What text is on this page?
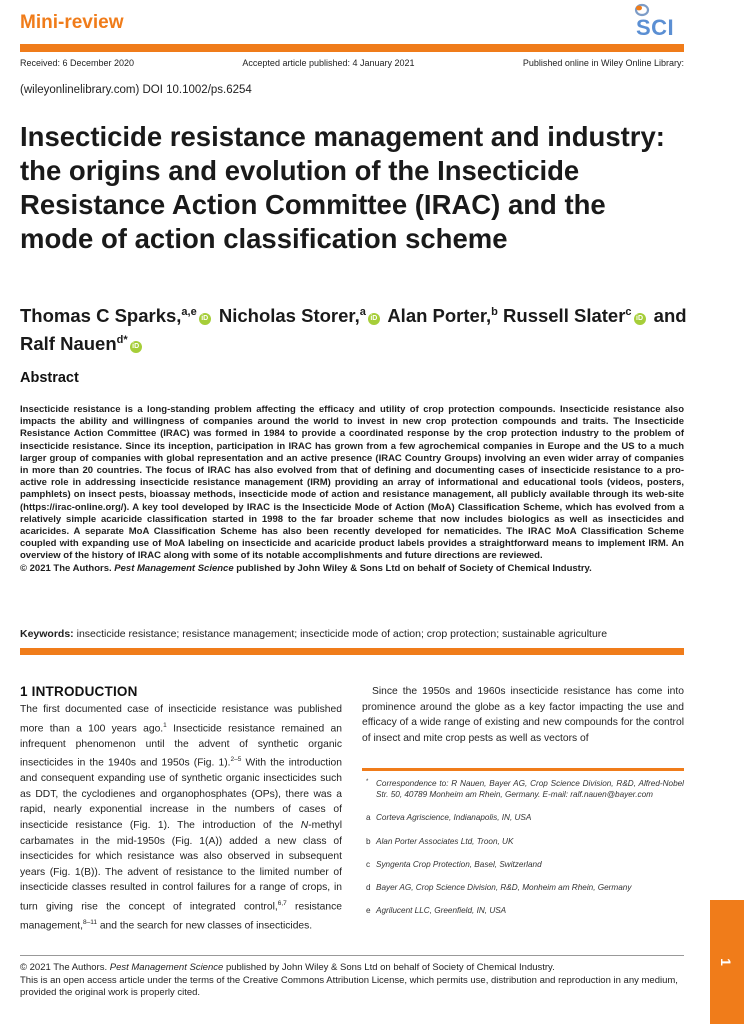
Mini-review	SCI
Received: 6 December 2020	Accepted article published: 4 January 2021	Published online in Wiley Online Library:
(wileyonlinelibrary.com) DOI 10.1002/ps.6254
Insecticide resistance management and industry: the origins and evolution of the Insecticide Resistance Action Committee (IRAC) and the mode of action classification scheme
Thomas C Sparks,$^{a,e}$iD Nicholas Storer,$^a$iD Alan Porter,$^b$ Russell Slater$^c$iD and
Ralf Nauen$^{d*}$iD
Abstract
Insecticide resistance is a long-standing problem affecting the efficacy and utility of crop protection compounds. Insecticide resistance also impacts the ability and willingness of companies around the world to invest in new crop protection compounds and traits. The Insecticide Resistance Action Committee (IRAC) was formed in 1984 to provide a coordinated response by the crop protection industry to the problem of insecticide resistance. Since its inception, participation in IRAC has grown from a few agrochemical companies in Europe and the US to a much larger group of companies with global representation and an active presence (IRAC Country Groups) involving an even wider array of companies in more than 20 countries. The focus of IRAC has also evolved from that of defining and documenting cases of insecticide resistance to a pro-active role in addressing insecticide resistance management (IRM) providing an array of informational and educational tools (videos, posters, pamphlets) on insect pests, bioassay methods, insecticide mode of action and resistance management, all publicly available through its web-site (https://irac-online.org/). A key tool developed by IRAC is the Insecticide Mode of Action (MoA) Classification Scheme, which has evolved from a relatively simple acaricide classification started in 1998 to the far broader scheme that now includes biologics as well as insecticides and acaricides. A separate MoA Classification Scheme has also been recently developed for nematicides. The IRAC MoA Classification Scheme coupled with expanding use of MoA labeling on insecticide and acaricide product labels provides a straightforward means to implement IRM. An overview of the history of IRAC along with some of its notable accomplishments and future directions are reviewed.
© 2021 The Authors. Pest Management Science published by John Wiley & Sons Ltd on behalf of Society of Chemical Industry.
Keywords: insecticide resistance; resistance management; insecticide mode of action; crop protection; sustainable agriculture
1 INTRODUCTION

The first documented case of insecticide resistance was published more than a 100 years ago.$^1$ Insecticide resistance remained an infrequent phenomenon until the advent of synthetic organic insecticides in the 1940s and 1950s (Fig. 1).$^{2-5}$ With the introduction and consequent expanding use of synthetic organic insecticides such as DDT, the cyclodienes and organophosphates (OPs), there was a rapid, nearly exponential increase in the numbers of cases of insecticide resistance (Fig. 1). The introduction of the N-methyl carbamates in the mid-1950s (Fig. 1(A)) added a new class of insecticides for which resistance was also observed in subsequent years (Fig. 1(B)). The advent of resistance to the limited number of insecticide classes resulted in control failures for a range of crops, in turn giving rise the concept of integrated control,$^{6,7}$ resistance management,$^{8-11}$ and the search for new classes of insecticides.

Since the 1950s and 1960s insecticide resistance has come into prominence around the globe as a key factor impacting the use and efficacy of a wide range of existing and new compounds for the control of insect and mite crop pests as well as vectors of

* Correspondence to: R Nauen, Bayer AG, Crop Science Division, R&D, Alfred-Nobel Str. 50, 40789 Monheim am Rhein, Germany. E-mail: ralf.nauen@bayer.com
a Corteva Agriscience, Indianapolis, IN, USA
b Alan Porter Associates Ltd, Troon, UK
c Syngenta Crop Protection, Basel, Switzerland
d Bayer AG, Crop Science Division, R&D, Monheim am Rhein, Germany
e Agrilucent LLC, Greenfield, IN, USA
© 2021 The Authors. Pest Management Science published by John Wiley & Sons Ltd on behalf of Society of Chemical Industry.
This is an open access article under the terms of the Creative Commons Attribution License, which permits use, distribution and reproduction in any medium, provided the original work is properly cited.
1
